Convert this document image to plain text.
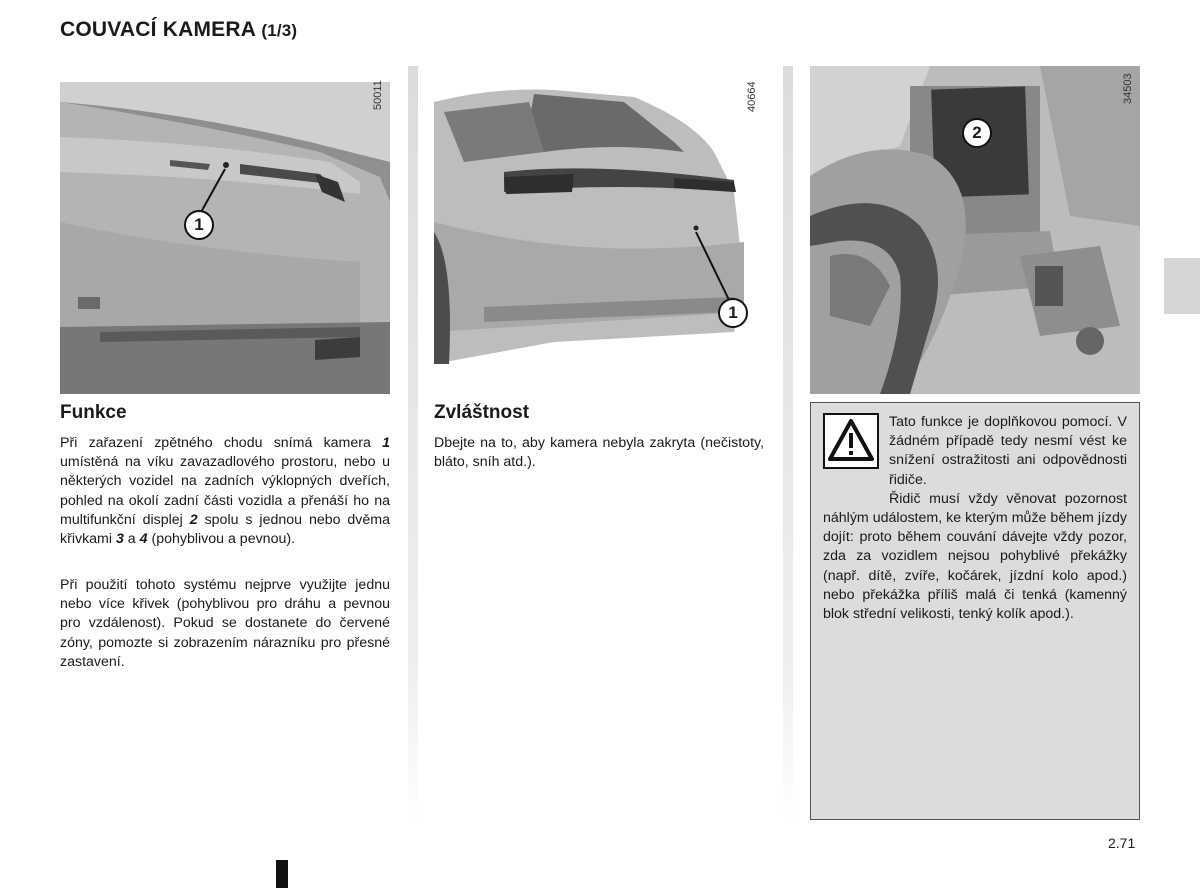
COUVACÍ KAMERA (1/3)
1
50011
1
40664
2
34503
Funkce
Při zařazení zpětného chodu snímá kamera 1 umístěná na víku zavazadlového prostoru, nebo u některých vozidel na zadních výklopných dveřích, pohled na okolí zadní části vozidla a přenáší ho na multifunkční displej 2 spolu s jednou nebo dvěma křivkami 3 a 4 (pohyblivou a pevnou).
Při použití tohoto systému nejprve využijte jednu nebo více křivek (pohyblivou pro dráhu a pevnou pro vzdálenost). Pokud se dostanete do červené zóny, pomozte si zobrazením nárazníku pro přesné zastavení.
Zvláštnost
Dbejte na to, aby kamera nebyla zakryta (nečistoty, bláto, sníh atd.).
Tato funkce je doplňkovou pomocí. V žádném případě tedy nesmí vést ke snížení ostražitosti ani odpovědnosti řidiče.
Řidič musí vždy věnovat pozornost náhlým událostem, ke kterým může během jízdy dojít: proto během couvání dávejte vždy pozor, zda za vozidlem nejsou pohyblivé překážky (např. dítě, zvíře, kočárek, jízdní kolo apod.) nebo překážka příliš malá či tenká (kamenný blok střední velikosti, tenký kolík apod.).
2.71
